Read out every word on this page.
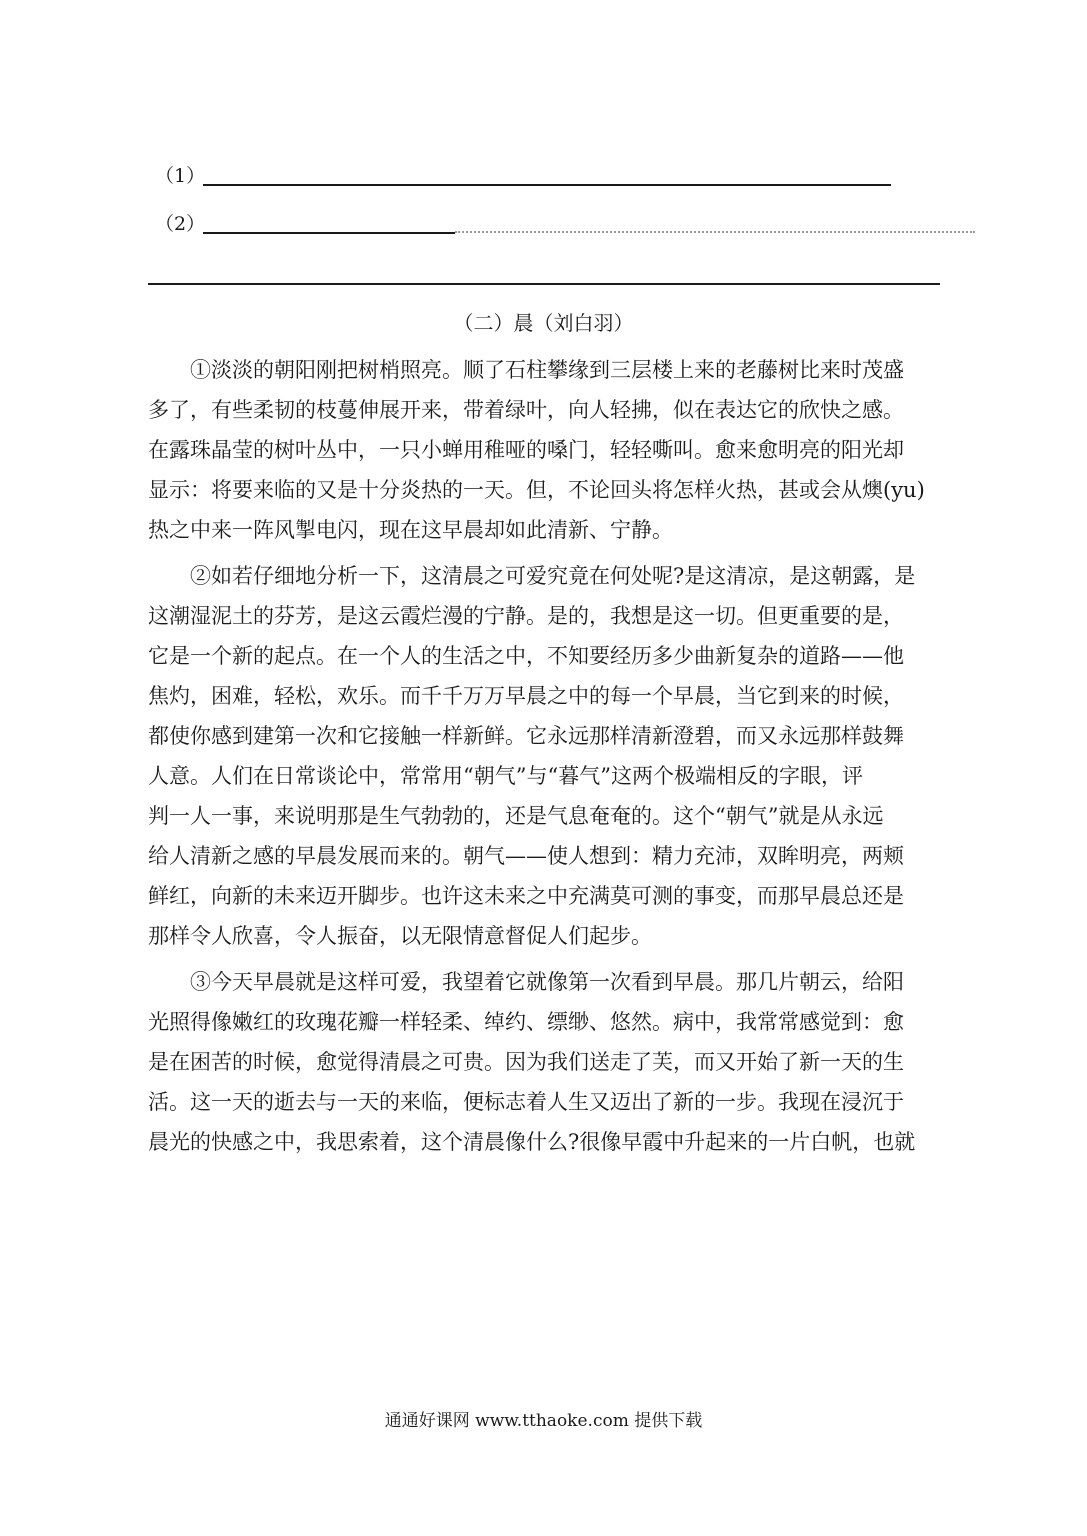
（1）
（2）
（二）晨（刘白羽）
①淡淡的朝阳刚把树梢照亮。顺了石柱攀缘到三层楼上来的老藤树比来时茂盛
多了，有些柔韧的枝蔓伸展开来，带着绿叶，向人轻拂，似在表达它的欣快之感。
在露珠晶莹的树叶丛中，一只小蝉用稚哑的嗓门，轻轻嘶叫。愈来愈明亮的阳光却
显示：将要来临的又是十分炎热的一天。但，不论回头将怎样火热，甚或会从燠(yu)
热之中来一阵风掣电闪，现在这早晨却如此清新、宁静。
②如若仔细地分析一下，这清晨之可爱究竟在何处呢?是这清凉，是这朝露，是
这潮湿泥土的芬芳，是这云霞烂漫的宁静。是的，我想是这一切。但更重要的是，
它是一个新的起点。在一个人的生活之中，不知要经历多少曲新复杂的道路——他
焦灼，困难，轻松，欢乐。而千千万万早晨之中的每一个早晨，当它到来的时候，
都使你感到建第一次和它接触一样新鲜。它永远那样清新澄碧，而又永远那样鼓舞
人意。人们在日常谈论中，常常用“朝气”与“暮气”这两个极端相反的字眼，评
判一人一事，来说明那是生气勃勃的，还是气息奄奄的。这个“朝气”就是从永远
给人清新之感的早晨发展而来的。朝气——使人想到：精力充沛，双眸明亮，两颊
鲜红，向新的未来迈开脚步。也许这未来之中充满莫可测的事变，而那早晨总还是
那样令人欣喜，令人振奋，以无限情意督促人们起步。
③今天早晨就是这样可爱，我望着它就像第一次看到早晨。那几片朝云，给阳
光照得像嫩红的玫瑰花瓣一样轻柔、绰约、缥缈、悠然。病中，我常常感觉到：愈
是在困苦的时候，愈觉得清晨之可贵。因为我们送走了芙，而又开始了新一天的生
活。这一天的逝去与一天的来临，便标志着人生又迈出了新的一步。我现在浸沉于
晨光的快感之中，我思索着，这个清晨像什么?很像早霞中升起来的一片白帆，也就
通通好课网 www.tthaoke.com 提供下载
